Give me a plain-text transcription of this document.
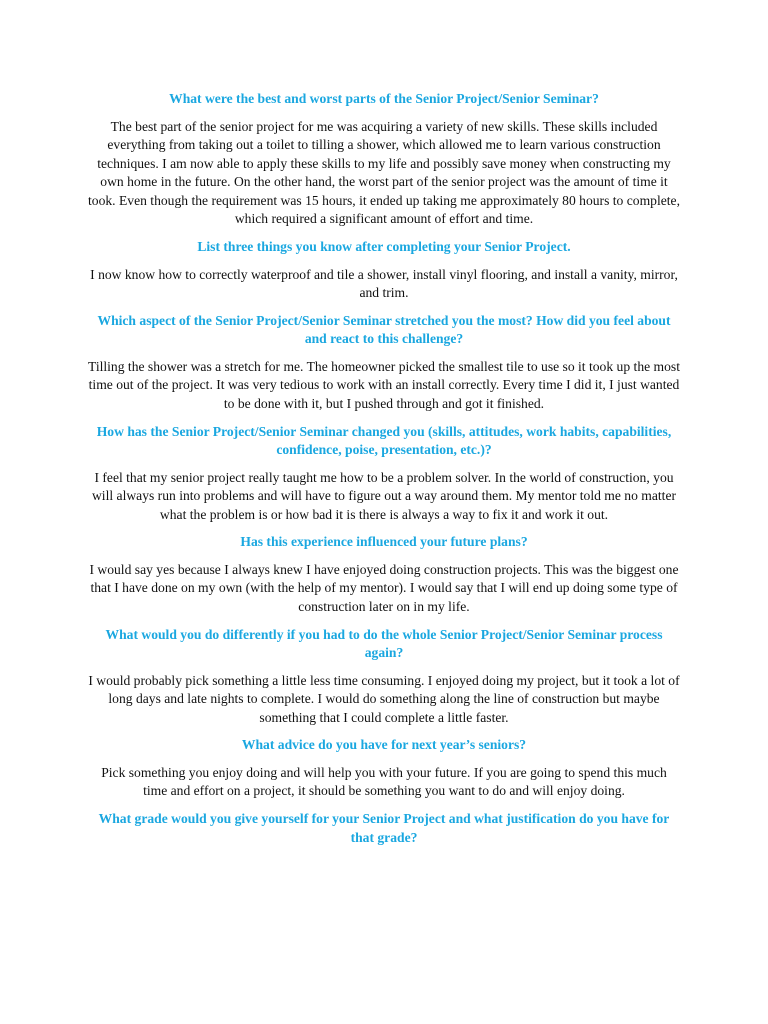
What were the best and worst parts of the Senior Project/Senior Seminar?

The best part of the senior project for me was acquiring a variety of new skills. These skills included everything from taking out a toilet to tilling a shower, which allowed me to learn various construction techniques. I am now able to apply these skills to my life and possibly save money when constructing my own home in the future. On the other hand, the worst part of the senior project was the amount of time it took. Even though the requirement was 15 hours, it ended up taking me approximately 80 hours to complete, which required a significant amount of effort and time.

List three things you know after completing your Senior Project.

I now know how to correctly waterproof and tile a shower, install vinyl flooring, and install a vanity, mirror, and trim.

Which aspect of the Senior Project/Senior Seminar stretched you the most? How did you feel about and react to this challenge?

Tilling the shower was a stretch for me. The homeowner picked the smallest tile to use so it took up the most time out of the project. It was very tedious to work with an install correctly. Every time I did it, I just wanted to be done with it, but I pushed through and got it finished.

How has the Senior Project/Senior Seminar changed you (skills, attitudes, work habits, capabilities, confidence, poise, presentation, etc.)?

I feel that my senior project really taught me how to be a problem solver. In the world of construction, you will always run into problems and will have to figure out a way around them. My mentor told me no matter what the problem is or how bad it is there is always a way to fix it and work it out.

Has this experience influenced your future plans?

I would say yes because I always knew I have enjoyed doing construction projects. This was the biggest one that I have done on my own (with the help of my mentor). I would say that I will end up doing some type of construction later on in my life.

What would you do differently if you had to do the whole Senior Project/Senior Seminar process again?

I would probably pick something a little less time consuming. I enjoyed doing my project, but it took a lot of long days and late nights to complete. I would do something along the line of construction but maybe something that I could complete a little faster.

What advice do you have for next year’s seniors?

Pick something you enjoy doing and will help you with your future. If you are going to spend this much time and effort on a project, it should be something you want to do and will enjoy doing.

What grade would you give yourself for your Senior Project and what justification do you have for that grade?
